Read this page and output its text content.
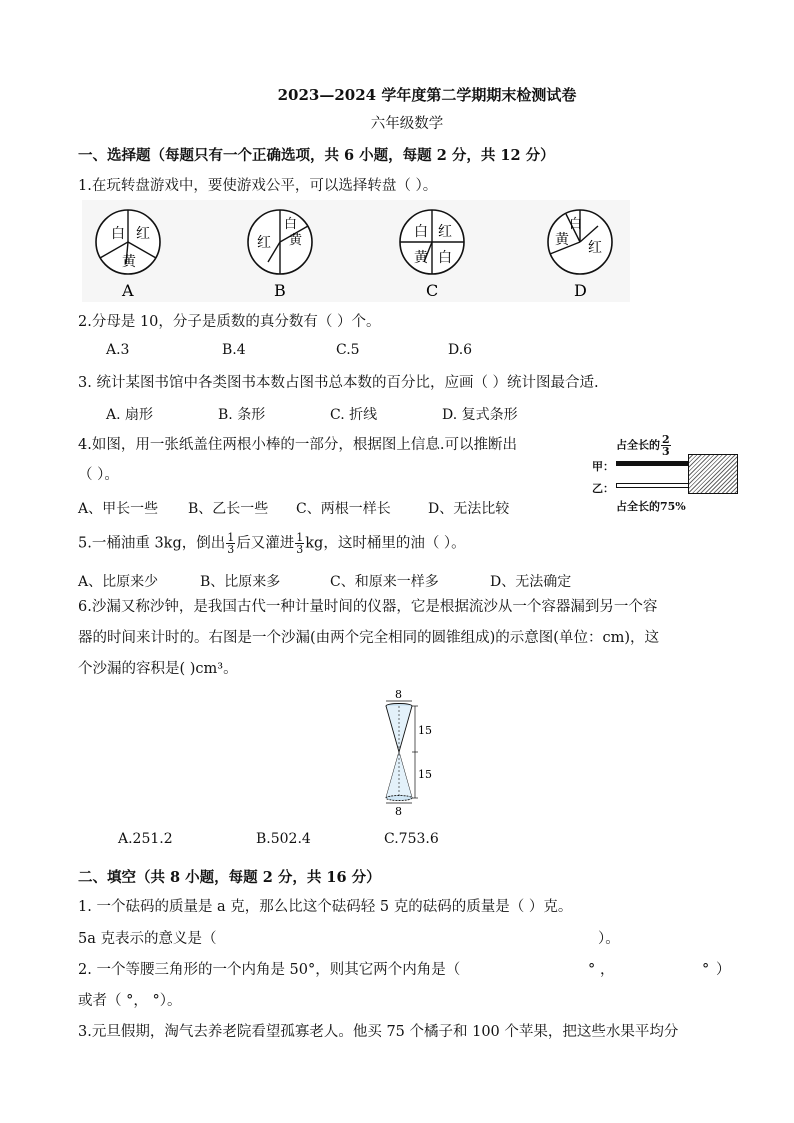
2023—2024 学年度第二学期期末检测试卷
六年级数学
一、选择题（每题只有一个正确选项，共 6 小题，每题 2 分，共 12 分）
1.在玩转盘游戏中，要使游戏公平，可以选择转盘（ ）。
白 红
黄
A
白
黄
红
B
白 红
黄 白
C
白
黄 红
D
2.分母是 10，分子是质数的真分数有（ ）个。
A.3	B.4	C.5	D.6
3. 统计某图书馆中各类图书本数占图书总本数的百分比，应画（ ）统计图最合适.
A. 扇形	B. 条形	C. 折线	D. 复式条形
4.如图，用一张纸盖住两根小棒的一部分，根据图上信息.可以推断出
（ ）。
占全长的 $\frac{2}{3}$
甲：
乙：
占全长的75%
A、甲长一些 B、乙长一些 C、两根一样长	D、无法比较
5.一桶油重 3kg，倒出 $\frac{1}{3}$ 后又灌进 $\frac{1}{3}$ kg，这时桶里的油（ ）。
A、比原来少	B、比原来多	C、和原来一样多	D、无法确定
6.沙漏又称沙钟，是我国古代一种计量时间的仪器，它是根据流沙从一个容器漏到另一个容
器的时间来计时的。右图是一个沙漏(由两个完全相同的圆锥组成)的示意图(单位：cm)，这
个沙漏的容积是( )cm³。
8
15
15
8
A.251.2	B.502.4	C.753.6
二、填空（共 8 小题，每题 2 分，共 16 分）
1. 一个砝码的质量是 a 克，那么比这个砝码轻 5 克的砝码的质量是（ ）克。
5a 克表示的意义是（	）。
2. 一个等腰三角形的一个内角是 50°，则其它两个内角是（	° ，	° ）
或者（ °， °）。
3.元旦假期，淘气去养老院看望孤寡老人。他买 75 个橘子和 100 个苹果，把这些水果平均分
